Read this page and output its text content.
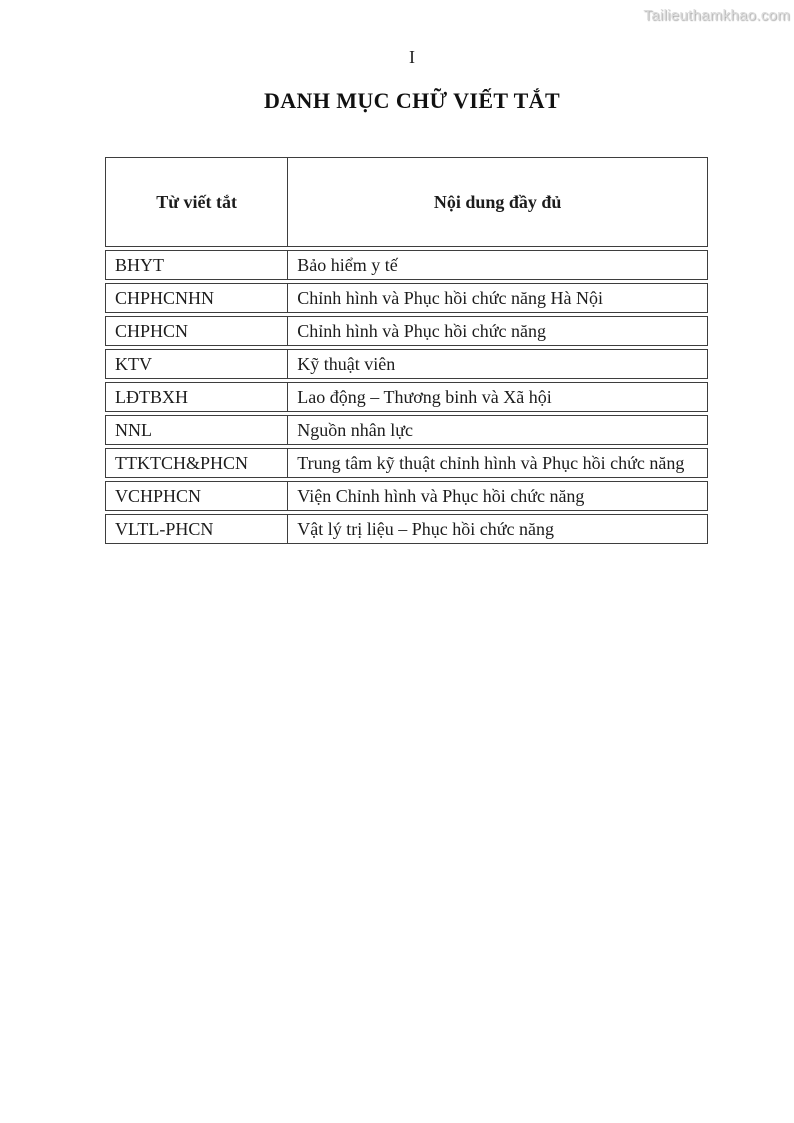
Tailieuthamkhao.com
I
DANH MỤC CHỮ VIẾT TẮT
Từ viết tắt	Nội dung đầy đủ
BHYT	Bảo hiểm y tế
CHPHCNHN	Chỉnh hình và Phục hồi chức năng Hà Nội
CHPHCN	Chỉnh hình và Phục hồi chức năng
KTV	Kỹ thuật viên
LĐTBXH	Lao động – Thương binh và Xã hội
NNL	Nguồn nhân lực
TTKTCH&PHCN	Trung tâm kỹ thuật chỉnh hình và Phục hồi chức năng
VCHPHCN	Viện Chỉnh hình và Phục hồi chức năng
VLTL-PHCN	Vật lý trị liệu – Phục hồi chức năng
